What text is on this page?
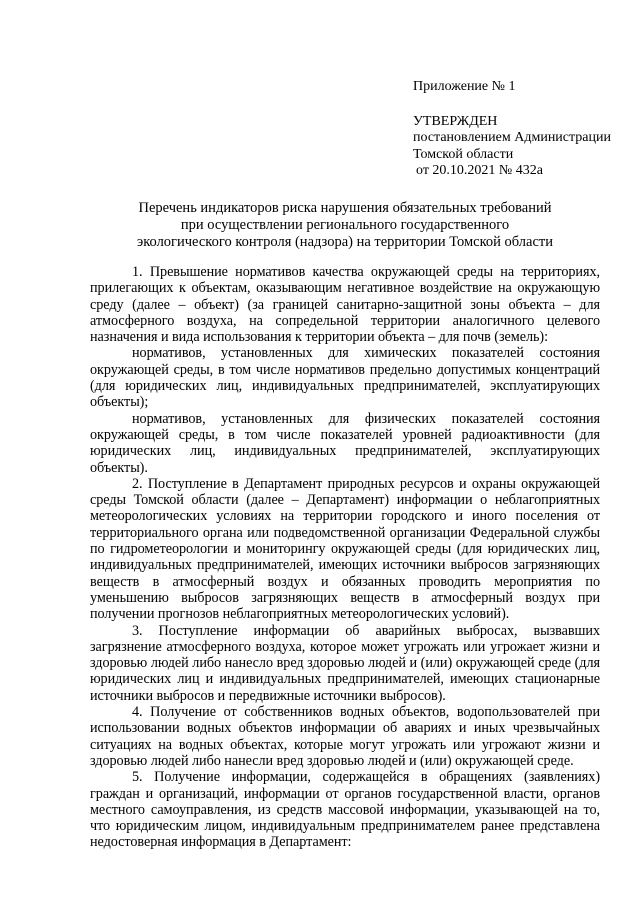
Приложение № 1
УТВЕРЖДЕН
постановлением Администрации
Томской области
от 20.10.2021 № 432а
Перечень индикаторов риска нарушения обязательных требований
при осуществлении регионального государственного
экологического контроля (надзора) на территории Томской области

1. Превышение нормативов качества окружающей среды на территориях, прилегающих к объектам, оказывающим негативное воздействие на окружающую среду (далее – объект) (за границей санитарно-защитной зоны объекта – для атмосферного воздуха, на сопредельной территории аналогичного целевого назначения и вида использования к территории объекта – для почв (земель):

нормативов, установленных для химических показателей состояния окружающей среды, в том числе нормативов предельно допустимых концентраций (для юридических лиц, индивидуальных предпринимателей, эксплуатирующих объекты);

нормативов, установленных для физических показателей состояния окружающей среды, в том числе показателей уровней радиоактивности (для юридических лиц, индивидуальных предпринимателей, эксплуатирующих объекты).

2. Поступление в Департамент природных ресурсов и охраны окружающей среды Томской области (далее – Департамент) информации о неблагоприятных метеорологических условиях на территории городского и иного поселения от территориального органа или подведомственной организации Федеральной службы по гидрометеорологии и мониторингу окружающей среды (для юридических лиц, индивидуальных предпринимателей, имеющих источники выбросов загрязняющих веществ в атмосферный воздух и обязанных проводить мероприятия по уменьшению выбросов загрязняющих веществ в атмосферный воздух при получении прогнозов неблагоприятных метеорологических условий).

3. Поступление информации об аварийных выбросах, вызвавших загрязнение атмосферного воздуха, которое может угрожать или угрожает жизни и здоровью людей либо нанесло вред здоровью людей и (или) окружающей среде (для юридических лиц и индивидуальных предпринимателей, имеющих стационарные источники выбросов и передвижные источники выбросов).

4. Получение от собственников водных объектов, водопользователей при использовании водных объектов информации об авариях и иных чрезвычайных ситуациях на водных объектах, которые могут угрожать или угрожают жизни и здоровью людей либо нанесли вред здоровью людей и (или) окружающей среде.

5. Получение информации, содержащейся в обращениях (заявлениях) граждан и организаций, информации от органов государственной власти, органов местного самоуправления, из средств массовой информации, указывающей на то, что юридическим лицом, индивидуальным предпринимателем ранее представлена недостоверная информация в Департамент:
